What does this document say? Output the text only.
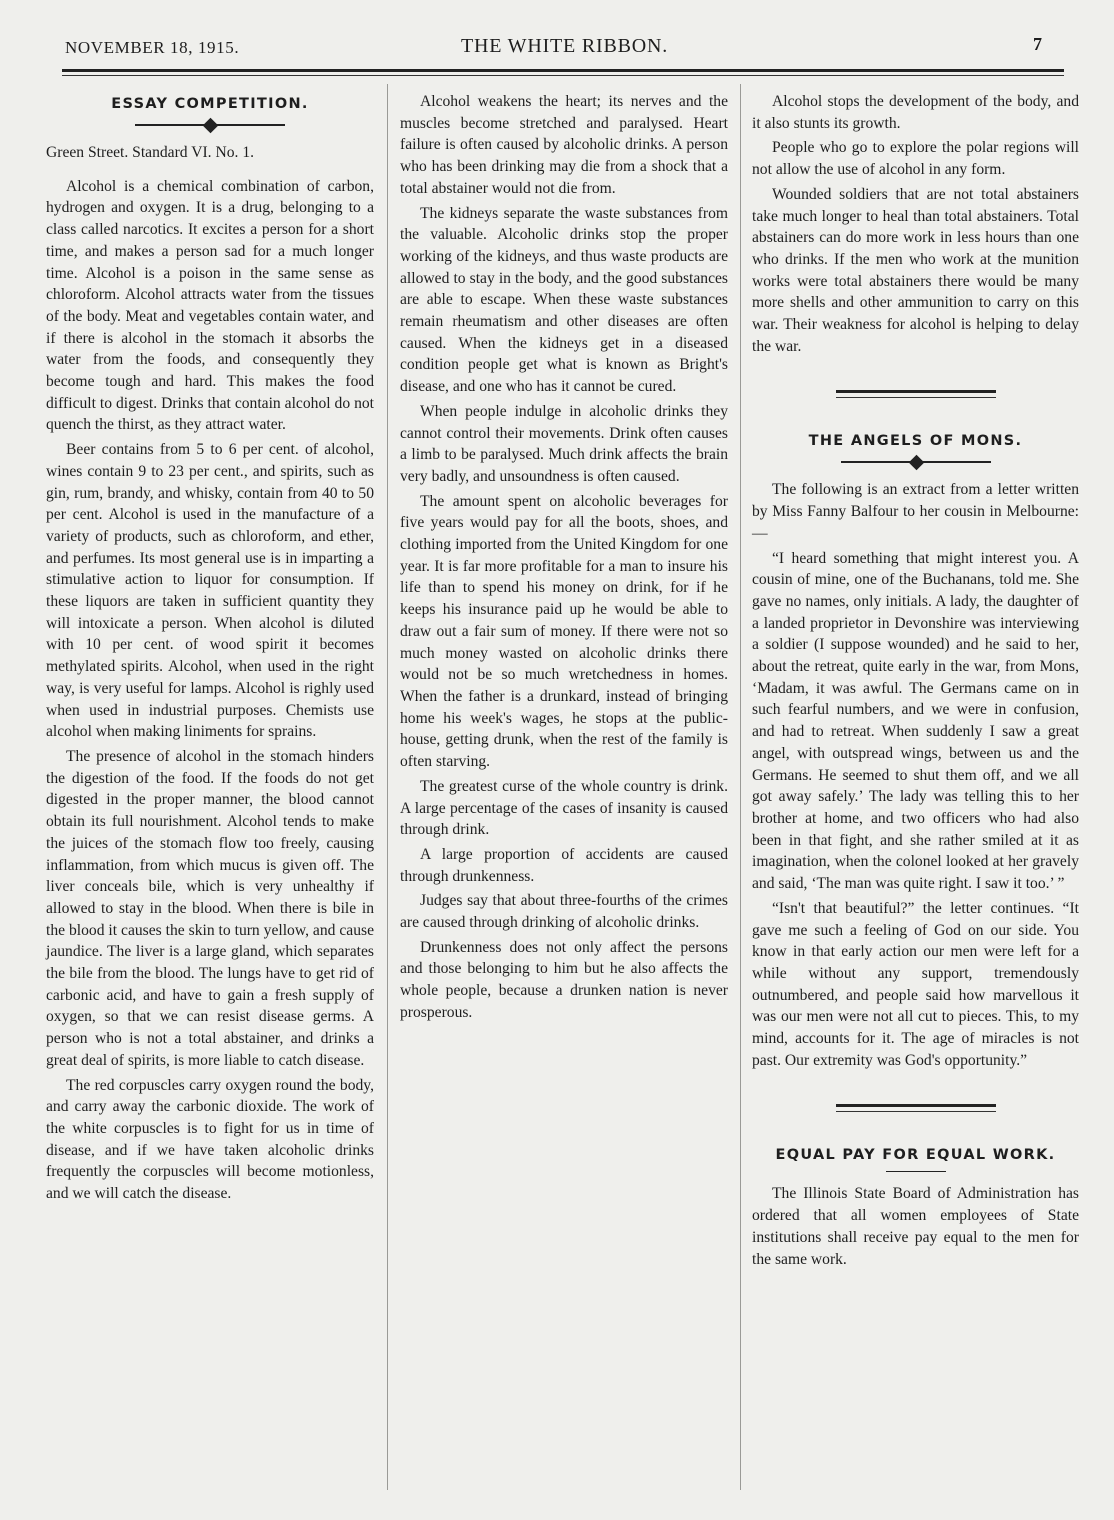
NOVEMBER 18, 1915.	THE WHITE RIBBON.	7
ESSAY COMPETITION.

Green Street. Standard VI. No. 1.

Alcohol is a chemical combination of carbon, hydrogen and oxygen. It is a drug, belonging to a class called narcotics. It excites a person for a short time, and makes a person sad for a much longer time. Alcohol is a poison in the same sense as chloroform. Alcohol attracts water from the tissues of the body. Meat and vegetables contain water, and if there is alcohol in the stomach it absorbs the water from the foods, and consequently they become tough and hard. This makes the food difficult to digest. Drinks that contain alcohol do not quench the thirst, as they attract water.

Beer contains from 5 to 6 per cent. of alcohol, wines contain 9 to 23 per cent., and spirits, such as gin, rum, brandy, and whisky, contain from 40 to 50 per cent. Alcohol is used in the manufacture of a variety of products, such as chloroform, and ether, and perfumes. Its most general use is in imparting a stimulative action to liquor for consumption. If these liquors are taken in sufficient quantity they will intoxicate a person. When alcohol is diluted with 10 per cent. of wood spirit it becomes methylated spirits. Alcohol, when used in the right way, is very useful for lamps. Alcohol is righly used when used in industrial purposes. Chemists use alcohol when making liniments for sprains.

The presence of alcohol in the stomach hinders the digestion of the food. If the foods do not get digested in the proper manner, the blood cannot obtain its full nourishment. Alcohol tends to make the juices of the stomach flow too freely, causing inflammation, from which mucus is given off. The liver conceals bile, which is very unhealthy if allowed to stay in the blood. When there is bile in the blood it causes the skin to turn yellow, and cause jaundice. The liver is a large gland, which separates the bile from the blood. The lungs have to get rid of carbonic acid, and have to gain a fresh supply of oxygen, so that we can resist disease germs. A person who is not a total abstainer, and drinks a great deal of spirits, is more liable to catch disease.

The red corpuscles carry oxygen round the body, and carry away the carbonic dioxide. The work of the white corpuscles is to fight for us in time of disease, and if we have taken alcoholic drinks frequently the corpuscles will become motionless, and we will catch the disease.

Alcohol weakens the heart; its nerves and the muscles become stretched and paralysed. Heart failure is often caused by alcoholic drinks. A person who has been drinking may die from a shock that a total abstainer would not die from.

The kidneys separate the waste substances from the valuable. Alcoholic drinks stop the proper working of the kidneys, and thus waste products are allowed to stay in the body, and the good substances are able to escape. When these waste substances remain rheumatism and other diseases are often caused. When the kidneys get in a diseased condition people get what is known as Bright's disease, and one who has it cannot be cured.

When people indulge in alcoholic drinks they cannot control their movements. Drink often causes a limb to be paralysed. Much drink affects the brain very badly, and unsoundness is often caused.

The amount spent on alcoholic beverages for five years would pay for all the boots, shoes, and clothing imported from the United Kingdom for one year. It is far more profitable for a man to insure his life than to spend his money on drink, for if he keeps his insurance paid up he would be able to draw out a fair sum of money. If there were not so much money wasted on alcoholic drinks there would not be so much wretchedness in homes. When the father is a drunkard, instead of bringing home his week's wages, he stops at the public-house, getting drunk, when the rest of the family is often starving.

The greatest curse of the whole country is drink. A large percentage of the cases of insanity is caused through drink.

A large proportion of accidents are caused through drunkenness.

Judges say that about three-fourths of the crimes are caused through drinking of alcoholic drinks.

Drunkenness does not only affect the persons and those belonging to him but he also affects the whole people, because a drunken nation is never prosperous.

Alcohol stops the development of the body, and it also stunts its growth.

People who go to explore the polar regions will not allow the use of alcohol in any form.

Wounded soldiers that are not total abstainers take much longer to heal than total abstainers. Total abstainers can do more work in less hours than one who drinks. If the men who work at the munition works were total abstainers there would be many more shells and other ammunition to carry on this war. Their weakness for alcohol is helping to delay the war.

THE ANGELS OF MONS.

The following is an extract from a letter written by Miss Fanny Balfour to her cousin in Melbourne:—

“I heard something that might interest you. A cousin of mine, one of the Buchanans, told me. She gave no names, only initials. A lady, the daughter of a landed proprietor in Devonshire was interviewing a soldier (I suppose wounded) and he said to her, about the retreat, quite early in the war, from Mons, ‘Madam, it was awful. The Germans came on in such fearful numbers, and we were in confusion, and had to retreat. When suddenly I saw a great angel, with outspread wings, between us and the Germans. He seemed to shut them off, and we all got away safely.’ The lady was telling this to her brother at home, and two officers who had also been in that fight, and she rather smiled at it as imagination, when the colonel looked at her gravely and said, ‘The man was quite right. I saw it too.’ ”

“Isn't that beautiful?” the letter continues. “It gave me such a feeling of God on our side. You know in that early action our men were left for a while without any support, tremendously outnumbered, and people said how marvellous it was our men were not all cut to pieces. This, to my mind, accounts for it. The age of miracles is not past. Our extremity was God's opportunity.”

EQUAL PAY FOR EQUAL WORK.

The Illinois State Board of Administration has ordered that all women employees of State institutions shall receive pay equal to the men for the same work.
